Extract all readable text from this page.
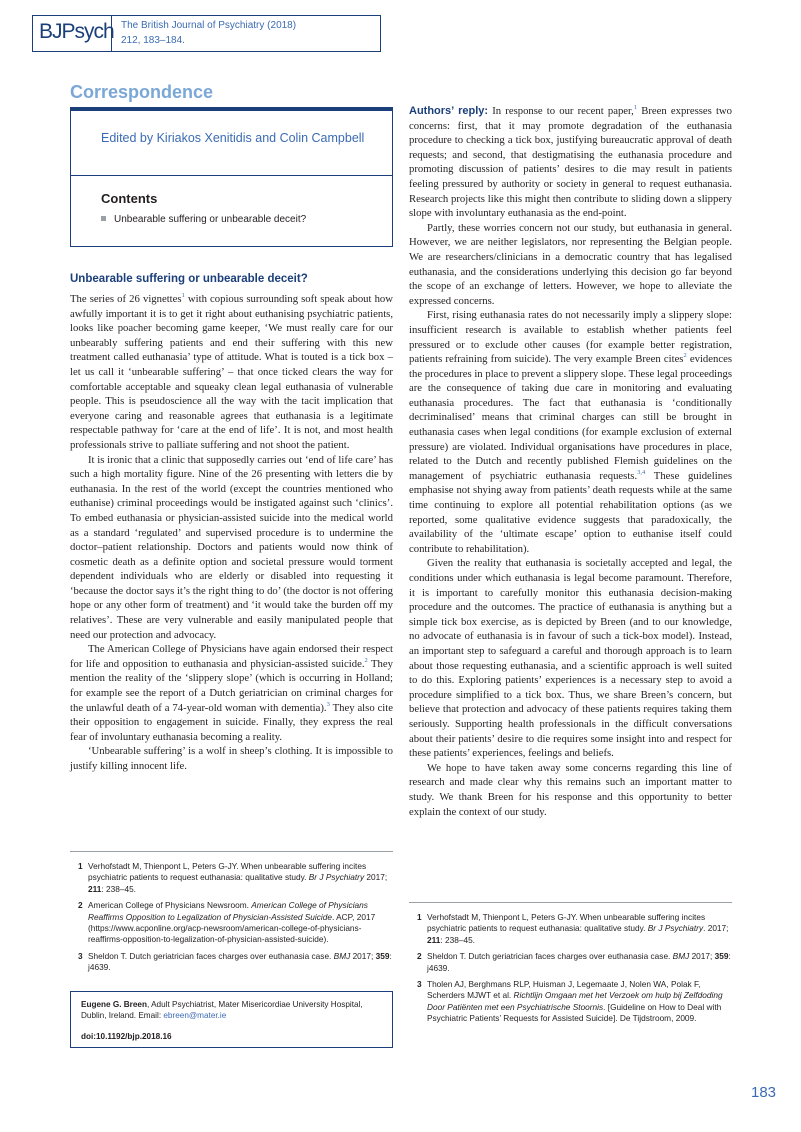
BJPsych The British Journal of Psychiatry (2018)
212, 183–184.
Correspondence
Edited by Kiriakos Xenitidis and Colin Campbell
Contents
Unbearable suffering or unbearable deceit?
Unbearable suffering or unbearable deceit?

The series of 26 vignettes$^1$ with copious surrounding soft speak about how awfully important it is to get it right about euthanising psychiatric patients, looks like poacher becoming game keeper, ‘We must really care for our unbearably suffering patients and end their suffering with this new treatment called euthanasia’ type of attitude. What is touted is a tick box – let us call it ‘unbearable suffering’ – that once ticked clears the way for comfortable acceptable and squeaky clean legal euthanasia of vulnerable people. This is pseudoscience all the way with the tacit implication that everyone caring and reasonable agrees that euthanasia is a legitimate respectable pathway for ‘care at the end of life’. It is not, and most health professionals strive to palliate suffering and not shoot the patient.

It is ironic that a clinic that supposedly carries out ‘end of life care’ has such a high mortality figure. Nine of the 26 presenting with letters die by euthanasia. In the rest of the world (except the countries mentioned who euthanise) criminal proceedings would be instigated against such ‘clinics’. To embed euthanasia or physician-assisted suicide into the medical world as a standard ‘regulated’ and supervised procedure is to undermine the doctor–patient relationship. Doctors and patients would now think of cosmetic death as a definite option and societal pressure would torment dependent individuals who are elderly or disabled into requesting it ‘because the doctor says it’s the right thing to do’ (the doctor is not offering hope or any other form of treatment) and ‘it would take the burden off my relatives’. These are very vulnerable and easily manipulated people that need our protection and advocacy.

The American College of Physicians have again endorsed their respect for life and opposition to euthanasia and physician-assisted suicide.$^2$ They mention the reality of the ‘slippery slope’ (which is occurring in Holland; for example see the report of a Dutch geriatrician on criminal charges for the unlawful death of a 74-year-old woman with dementia).$^3$ They also cite their opposition to engagement in suicide. Finally, they express the real fear of involuntary euthanasia becoming a reality.

‘Unbearable suffering’ is a wolf in sheep’s clothing. It is impossible to justify killing innocent life.

1 Verhofstadt M, Thienpont L, Peters G-JY. When unbearable suffering incites psychiatric patients to request euthanasia: qualitative study. Br J Psychiatry 2017; 211: 238–45.
2 American College of Physicians Newsroom. American College of Physicians Reaffirms Opposition to Legalization of Physician-Assisted Suicide. ACP, 2017 (https://www.acponline.org/acp-newsroom/american-college-of-physicians-reaffirms-opposition-to-legalization-of-physician-assisted-suicide).
3 Sheldon T. Dutch geriatrician faces charges over euthanasia case. BMJ 2017; 359: j4639.
Eugene G. Breen, Adult Psychiatrist, Mater Misericordiae University Hospital, Dublin, Ireland. Email: ebreen@mater.ie
doi:10.1192/bjp.2018.16

Authors’ reply: In response to our recent paper,$^1$ Breen expresses two concerns: first, that it may promote degradation of the euthanasia procedure to checking a tick box, justifying bureaucratic approval of death requests; and second, that destigmatising the euthanasia procedure and promoting discussion of patients’ desires to die may result in patients feeling pressured by authority or society in general to request euthanasia. Research projects like this might then contribute to sliding down a slippery slope with involuntary euthanasia as the end-point.

Partly, these worries concern not our study, but euthanasia in general. However, we are neither legislators, nor representing the Belgian people. We are researchers/clinicians in a democratic country that has legalised euthanasia, and the considerations underlying this decision go far beyond the scope of an exchange of letters. However, we hope to alleviate the expressed concerns.

First, rising euthanasia rates do not necessarily imply a slippery slope: insufficient research is available to establish whether patients feel pressured or to exclude other causes (for example better registration, patients refraining from suicide). The very example Breen cites$^2$ evidences the procedures in place to prevent a slippery slope. These legal proceedings are the consequence of taking due care in monitoring and evaluating euthanasia procedures. The fact that euthanasia is ‘conditionally decriminalised’ means that criminal charges can still be brought in euthanasia cases when legal conditions (for example exclusion of external pressure) are violated. Individual organisations have procedures in place, related to the Dutch and recently published Flemish guidelines on the management of psychiatric euthanasia requests.$^{3,4}$ These guidelines emphasise not shying away from patients’ death requests while at the same time continuing to explore all potential rehabilitation options (as we reported, some qualitative evidence suggests that paradoxically, the availability of the ‘ultimate escape’ option to euthanise itself could contribute to rehabilitation).

Given the reality that euthanasia is societally accepted and legal, the conditions under which euthanasia is legal become paramount. Therefore, it is important to carefully monitor this euthanasia decision-making procedure and the outcomes. The practice of euthanasia is anything but a simple tick box exercise, as is depicted by Breen (and to our knowledge, no advocate of euthanasia is in favour of such a tick-box model). Instead, an important step to safeguard a careful and thorough approach is to learn about those requesting euthanasia, and a scientific approach is well suited to do this. Exploring patients’ experiences is a necessary step to avoid a procedure simplified to a tick box. Thus, we share Breen’s concern, but believe that protection and advocacy of these patients requires taking them seriously. Supporting health professionals in the difficult conversations about their patients’ desire to die requires some insight into and respect for these patients’ experiences, feelings and beliefs.

We hope to have taken away some concerns regarding this line of research and made clear why this remains such an important matter to study. We thank Breen for his response and this opportunity to better explain the context of our study.

1 Verhofstadt M, Thienpont L, Peters G-JY. When unbearable suffering incites psychiatric patients to request euthanasia: qualitative study. Br J Psychiatry. 2017; 211: 238–45.
2 Sheldon T. Dutch geriatrician faces charges over euthanasia case. BMJ 2017; 359: j4639.
3 Tholen AJ, Berghmans RLP, Huisman J, Legemaate J, Nolen WA, Polak F, Scherders MJWT et al. Richtlijn Omgaan met het Verzoek om hulp bij Zelfdoding Door Patiënten met een Psychiatrische Stoornis. [Guideline on How to Deal with Psychiatric Patients’ Requests for Assisted Suicide]. De Tijdstroom, 2009.
183
